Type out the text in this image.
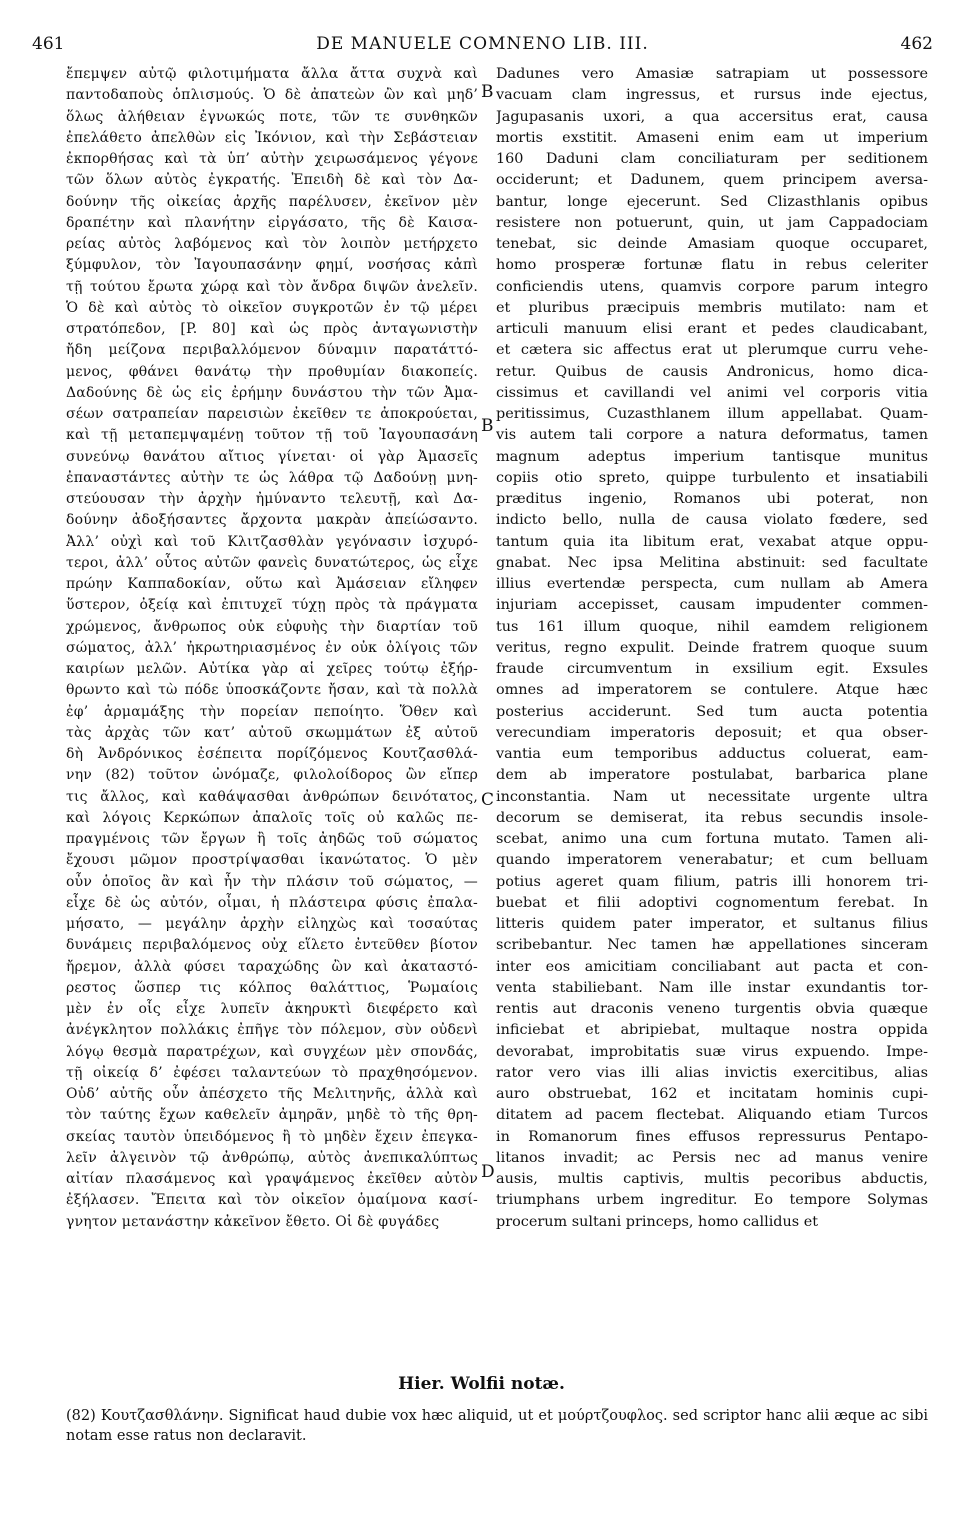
461	DE MANUELE COMNENO LIB. III.	462
ἔπεμψεν αὐτῷ φιλοτιμήματα ἄλλα ἄττα συχνὰ καὶ
παντοδαποὺς ὁπλισμούς. Ὁ δὲ ἀπατεὼν ὢν καὶ μηδ’
ὅλως ἀλήθειαν ἐγνωκώς ποτε, τῶν τε συνθηκῶν
ἐπελάθετο ἀπελθὼν εἰς Ἰκόνιον, καὶ τὴν Σεβάστειαν
ἐκπορθήσας καὶ τὰ ὑπ’ αὐτὴν χειρωσάμενος γέγονε
τῶν ὅλων αὐτὸς ἐγκρατής. Ἐπειδὴ δὲ καὶ τὸν Δα-
δούνην τῆς οἰκείας ἀρχῆς παρέλυσεν, ἐκεῖνον μὲν
δραπέτην καὶ πλανήτην εἰργάσατο, τῆς δὲ Καισα-
ρείας αὐτὸς λαβόμενος καὶ τὸν λοιπὸν μετήρχετο
ξύμφυλον, τὸν Ἰαγουπασάνην φημί, νοσήσας κἀπὶ
τῇ τούτου ἔρωτα χώρᾳ καὶ τὸν ἄνδρα διψῶν ἀνελεῖν.
Ὁ δὲ καὶ αὐτὸς τὸ οἰκεῖον συγκροτῶν ἐν τῷ μέρει
στρατόπεδον, [P. 80] καὶ ὡς πρὸς ἀνταγωνιστὴν
ἤδη μείζονα περιβαλλόμενον δύναμιν παρατάττό-
μενος, φθάνει θανάτῳ τὴν προθυμίαν διακοπείς.
Δαδούνης δὲ ὡς εἰς ἐρήμην δυνάστου τὴν τῶν Ἀμα-
σέων σατραπείαν παρεισιὼν ἐκεῖθεν τε ἀποκρούεται,
καὶ τῇ μεταπεμψαμένῃ τοῦτον τῇ τοῦ Ἰαγουπασάνη
συνεύνῳ θανάτου αἴτιος γίνεται· οἱ γὰρ Ἀμασεῖς
ἐπαναστάντες αὐτὴν τε ὡς λάθρα τῷ Δαδούνῃ μνη-
στεύουσαν τὴν ἀρχὴν ἠμύναντο τελευτῇ, καὶ Δα-
δούνην ἀδοξήσαντες ἄρχοντα μακρὰν ἀπείώσαντο.
Ἀλλ’ οὐχὶ καὶ τοῦ Κλιτζασθλὰν γεγόνασιν ἰσχυρό-
τεροι, ἀλλ’ οὗτος αὐτῶν φανεὶς δυνατώτερος, ὡς εἶχε
πρώην Καππαδοκίαν, οὕτω καὶ Ἀμάσειαν εἴληφεν
ὕστερον, ὀξείᾳ καὶ ἐπιτυχεῖ τύχῃ πρὸς τὰ πράγματα
χρώμενος, ἄνθρωπος οὐκ εὐφυὴς τὴν διαρτίαν τοῦ
σώματος, ἀλλ’ ἠκρωτηριασμένος ἐν οὐκ ὀλίγοις τῶν
καιρίων μελῶν. Αὐτίκα γὰρ αἱ χεῖρες τούτῳ ἐξήρ-
θρωντο καὶ τὼ πόδε ὑποσκάζοντε ἤσαν, καὶ τὰ πολλὰ
ἐφ’ ἁρμαμάξης τὴν πορείαν πεποίητο. Ὅθεν καὶ
τὰς ἀρχὰς τῶν κατ’ αὐτοῦ σκωμμάτων ἐξ αὐτοῦ
δὴ Ἀνδρόνικος ἐσέπειτα πορίζόμενος Κουτζασθλά-
νην (82) τοῦτον ὠνόμαζε, φιλολοίδορος ὢν εἴπερ
τις ἄλλος, καὶ καθάψασθαι ἀνθρώπων δεινότατος,
καὶ λόγοις Κερκώπων ἀπαλοῖς τοῖς οὐ καλῶς πε-
πραγμένοις τῶν ἔργων ἢ τοῖς ἀηδῶς τοῦ σώματος
ἔχουσι μῶμον προστρίψασθαι ἱκανώτατος. Ὁ μὲν
οὖν ὁποῖος ἂν καὶ ἦν τὴν πλάσιν τοῦ σώματος, —
εἶχε δὲ ὡς αὐτόν, οἶμαι, ἡ πλάστειρα φύσις ἐπαλα-
μήσατο, — μεγάλην ἀρχὴν εἰληχὼς καὶ τοσαύτας
δυνάμεις περιβαλόμενος οὐχ εἵλετο ἐντεῦθεν βίοτον
ἤρεμον, ἀλλὰ φύσει ταραχώδης ὢν καὶ ἀκαταστό-
ρεστος ὥσπερ τις κόλπος θαλάττιος, Ῥωμαίοις
μὲν ἐν οἷς εἶχε λυπεῖν ἀκηρυκτὶ διεφέρετο καὶ
ἀνέγκλητον πολλάκις ἐπῆγε τὸν πόλεμον, σὺν οὐδενὶ
λόγῳ θεσμὰ παρατρέχων, καὶ συγχέων μὲν σπονδάς,
τῇ οἰκείᾳ δ’ ἐφέσει ταλαντεύων τὸ πραχθησόμενον.
Οὐδ’ αὐτῆς οὖν ἀπέσχετο τῆς Μελιτηνῆς, ἀλλὰ καὶ
τὸν ταύτης ἔχων καθελεῖν ἀμηρᾶν, μηδὲ τὸ τῆς θρη-
σκείας ταυτὸν ὑπειδόμενος ἢ τὸ μηδὲν ἔχειν ἐπεγκα-
λεῖν ἀλγεινὸν τῷ ἀνθρώπῳ, αὐτὸς ἀνεπικαλύπτως
αἰτίαν πλασάμενος καὶ γραψάμενος ἐκεῖθεν αὐτὸν
ἐξήλασεν. Ἔπειτα καὶ τὸν οἰκεῖον ὁμαίμονα κασί-
γνητον μετανάστην κἀκεῖνον ἔθετο. Οἱ δὲ φυγάδες
Dadunes vero Amasiæ satrapiam ut possessore
vacuam clam ingressus, et rursus inde ejectus,
Jagupasanis uxori, a qua accersitus erat, causa
mortis exstitit. Amaseni enim eam ut imperium
160 Daduni clam conciliaturam per seditionem
occiderunt; et Dadunem, quem principem aversa-
bantur, longe ejecerunt. Sed Clizasthlanis opibus
resistere non potuerunt, quin, ut jam Cappadociam
tenebat, sic deinde Amasiam quoque occuparet,
homo prosperæ fortunæ flatu in rebus celeriter
conficiendis utens, quamvis corpore parum integro
et pluribus præcipuis membris mutilato: nam et
articuli manuum elisi erant et pedes claudicabant,
et cætera sic affectus erat ut plerumque curru vehe-
retur. Quibus de causis Andronicus, homo dica-
cissimus et cavillandi vel animi vel corporis vitia
peritissimus, Cuzasthlanem illum appellabat. Quam-
vis autem tali corpore a natura deformatus, tamen
magnum adeptus imperium tantisque munitus
copiis otio spreto, quippe turbulento et insatiabili
præditus ingenio, Romanos ubi poterat, non
indicto bello, nulla de causa violato fœdere, sed
tantum quia ita libitum erat, vexabat atque oppu-
gnabat. Nec ipsa Melitina abstinuit: sed facultate
illius evertendæ perspecta, cum nullam ab Amera
injuriam accepisset, causam impudenter commen-
tus 161 illum quoque, nihil eamdem religionem
veritus, regno expulit. Deinde fratrem quoque suum
fraude circumventum in exsilium egit. Exsules
omnes ad imperatorem se contulere. Atque hæc
posterius acciderunt. Sed tum aucta potentia
verecundiam imperatoris deposuit; et qua obser-
vantia eum temporibus adductus coluerat, eam-
dem ab imperatore postulabat, barbarica plane
inconstantia. Nam ut necessitate urgente ultra
decorum se demiserat, ita rebus secundis insole-
scebat, animo una cum fortuna mutato. Tamen ali-
quando imperatorem venerabatur; et cum belluam
potius ageret quam filium, patris illi honorem tri-
buebat et filii adoptivi cognomentum ferebat. In
litteris quidem pater imperator, et sultanus filius
scribebantur. Nec tamen hæ appellationes sinceram
inter eos amicitiam conciliabant aut pacta et con-
venta stabiliebant. Nam ille instar exundantis tor-
rentis aut draconis veneno turgentis obvia quæque
inficiebat et abripiebat, multaque nostra oppida
devorabat, improbitatis suæ virus expuendo. Impe-
rator vero vias illi alias invictis exercitibus, alias
auro obstruebat, 162 et incitatam hominis cupi-
ditatem ad pacem flectebat. Aliquando etiam Turcos
in Romanorum fines effusos repressurus Pentapo-
litanos invadit; ac Persis nec ad manus venire
ausis, multis captivis, multis pecoribus abductis,
triumphans urbem ingreditur. Eo tempore Solymas
procerum sultani princeps, homo callidus et
B
B
C
D
Hier. Wolfii notæ.

(82) Κουτζασθλάνην. Significat haud dubie vox hæc aliquid, ut et μούρτζουφλος. sed scriptor hanc alii æque ac sibi notam esse ratus non declaravit.
